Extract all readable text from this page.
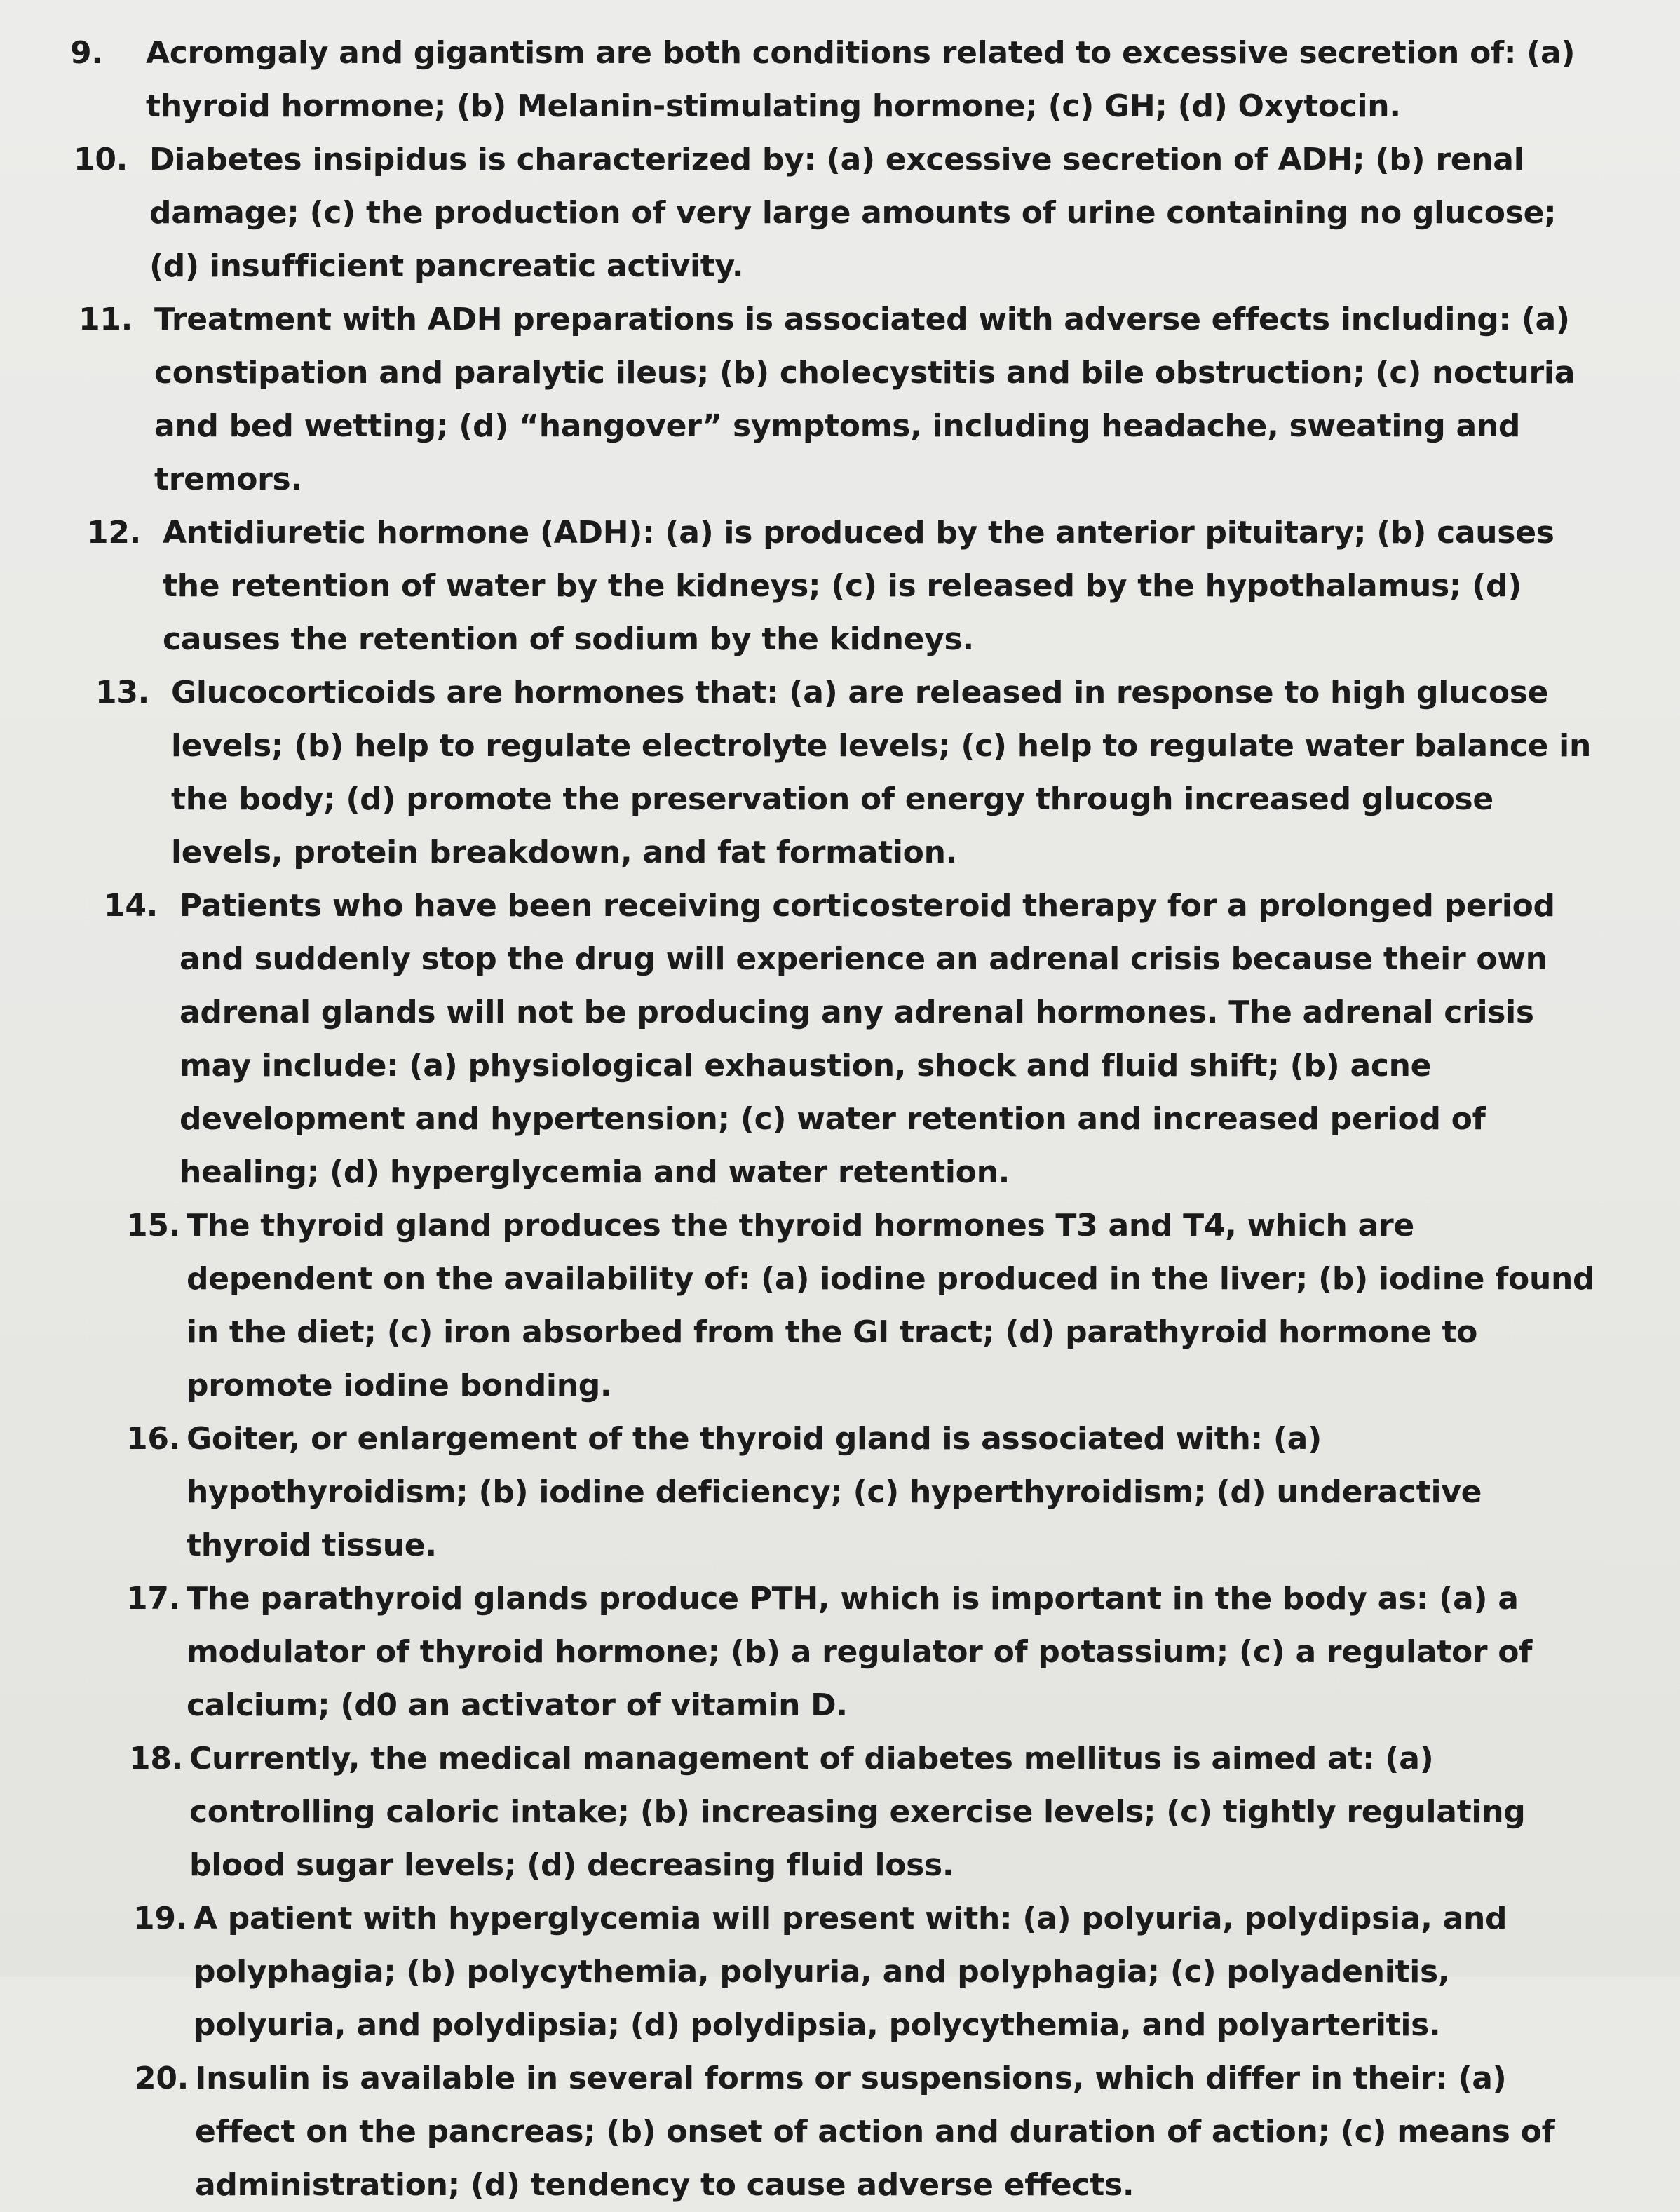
9.	Acromgaly and gigantism are both conditions related to excessive secretion of: (a) thyroid hormone; (b) Melanin-stimulating hormone; (c) GH; (d) Oxytocin.
10. Diabetes insipidus is characterized by: (a) excessive secretion of ADH; (b) renal damage; (c) the production of very large amounts of urine containing no glucose; (d) insufficient pancreatic activity.
11. Treatment with ADH preparations is associated with adverse effects including: (a) constipation and paralytic ileus; (b) cholecystitis and bile obstruction; (c) nocturia and bed wetting; (d) “hangover” symptoms, including headache, sweating and tremors.
12. Antidiuretic hormone (ADH): (a) is produced by the anterior pituitary; (b) causes the retention of water by the kidneys; (c) is released by the hypothalamus; (d) causes the retention of sodium by the kidneys.
13. Glucocorticoids are hormones that: (a) are released in response to high glucose levels; (b) help to regulate electrolyte levels; (c) help to regulate water balance in the body; (d) promote the preservation of energy through increased glucose levels, protein breakdown, and fat formation.
14. Patients who have been receiving corticosteroid therapy for a prolonged period and suddenly stop the drug will experience an adrenal crisis because their own adrenal glands will not be producing any adrenal hormones. The adrenal crisis may include: (a) physiological exhaustion, shock and fluid shift; (b) acne development and hypertension; (c) water retention and increased period of healing; (d) hyperglycemia and water retention.
15. The thyroid gland produces the thyroid hormones T3 and T4, which are dependent on the availability of: (a) iodine produced in the liver; (b) iodine found in the diet; (c) iron absorbed from the GI tract; (d) parathyroid hormone to promote iodine bonding.
16. Goiter, or enlargement of the thyroid gland is associated with: (a) hypothyroidism; (b) iodine deficiency; (c) hyperthyroidism; (d) underactive thyroid tissue.
17. The parathyroid glands produce PTH, which is important in the body as: (a) a modulator of thyroid hormone; (b) a regulator of potassium; (c) a regulator of calcium; (d0 an activator of vitamin D.
18. Currently, the medical management of diabetes mellitus is aimed at: (a) controlling caloric intake; (b) increasing exercise levels; (c) tightly regulating blood sugar levels; (d) decreasing fluid loss.
19. A patient with hyperglycemia will present with: (a) polyuria, polydipsia, and polyphagia; (b) polycythemia, polyuria, and polyphagia; (c) polyadenitis, polyuria, and polydipsia; (d) polydipsia, polycythemia, and polyarteritis.
20. Insulin is available in several forms or suspensions, which differ in their: (a) effect on the pancreas; (b) onset of action and duration of action; (c) means of administration; (d) tendency to cause adverse effects.
